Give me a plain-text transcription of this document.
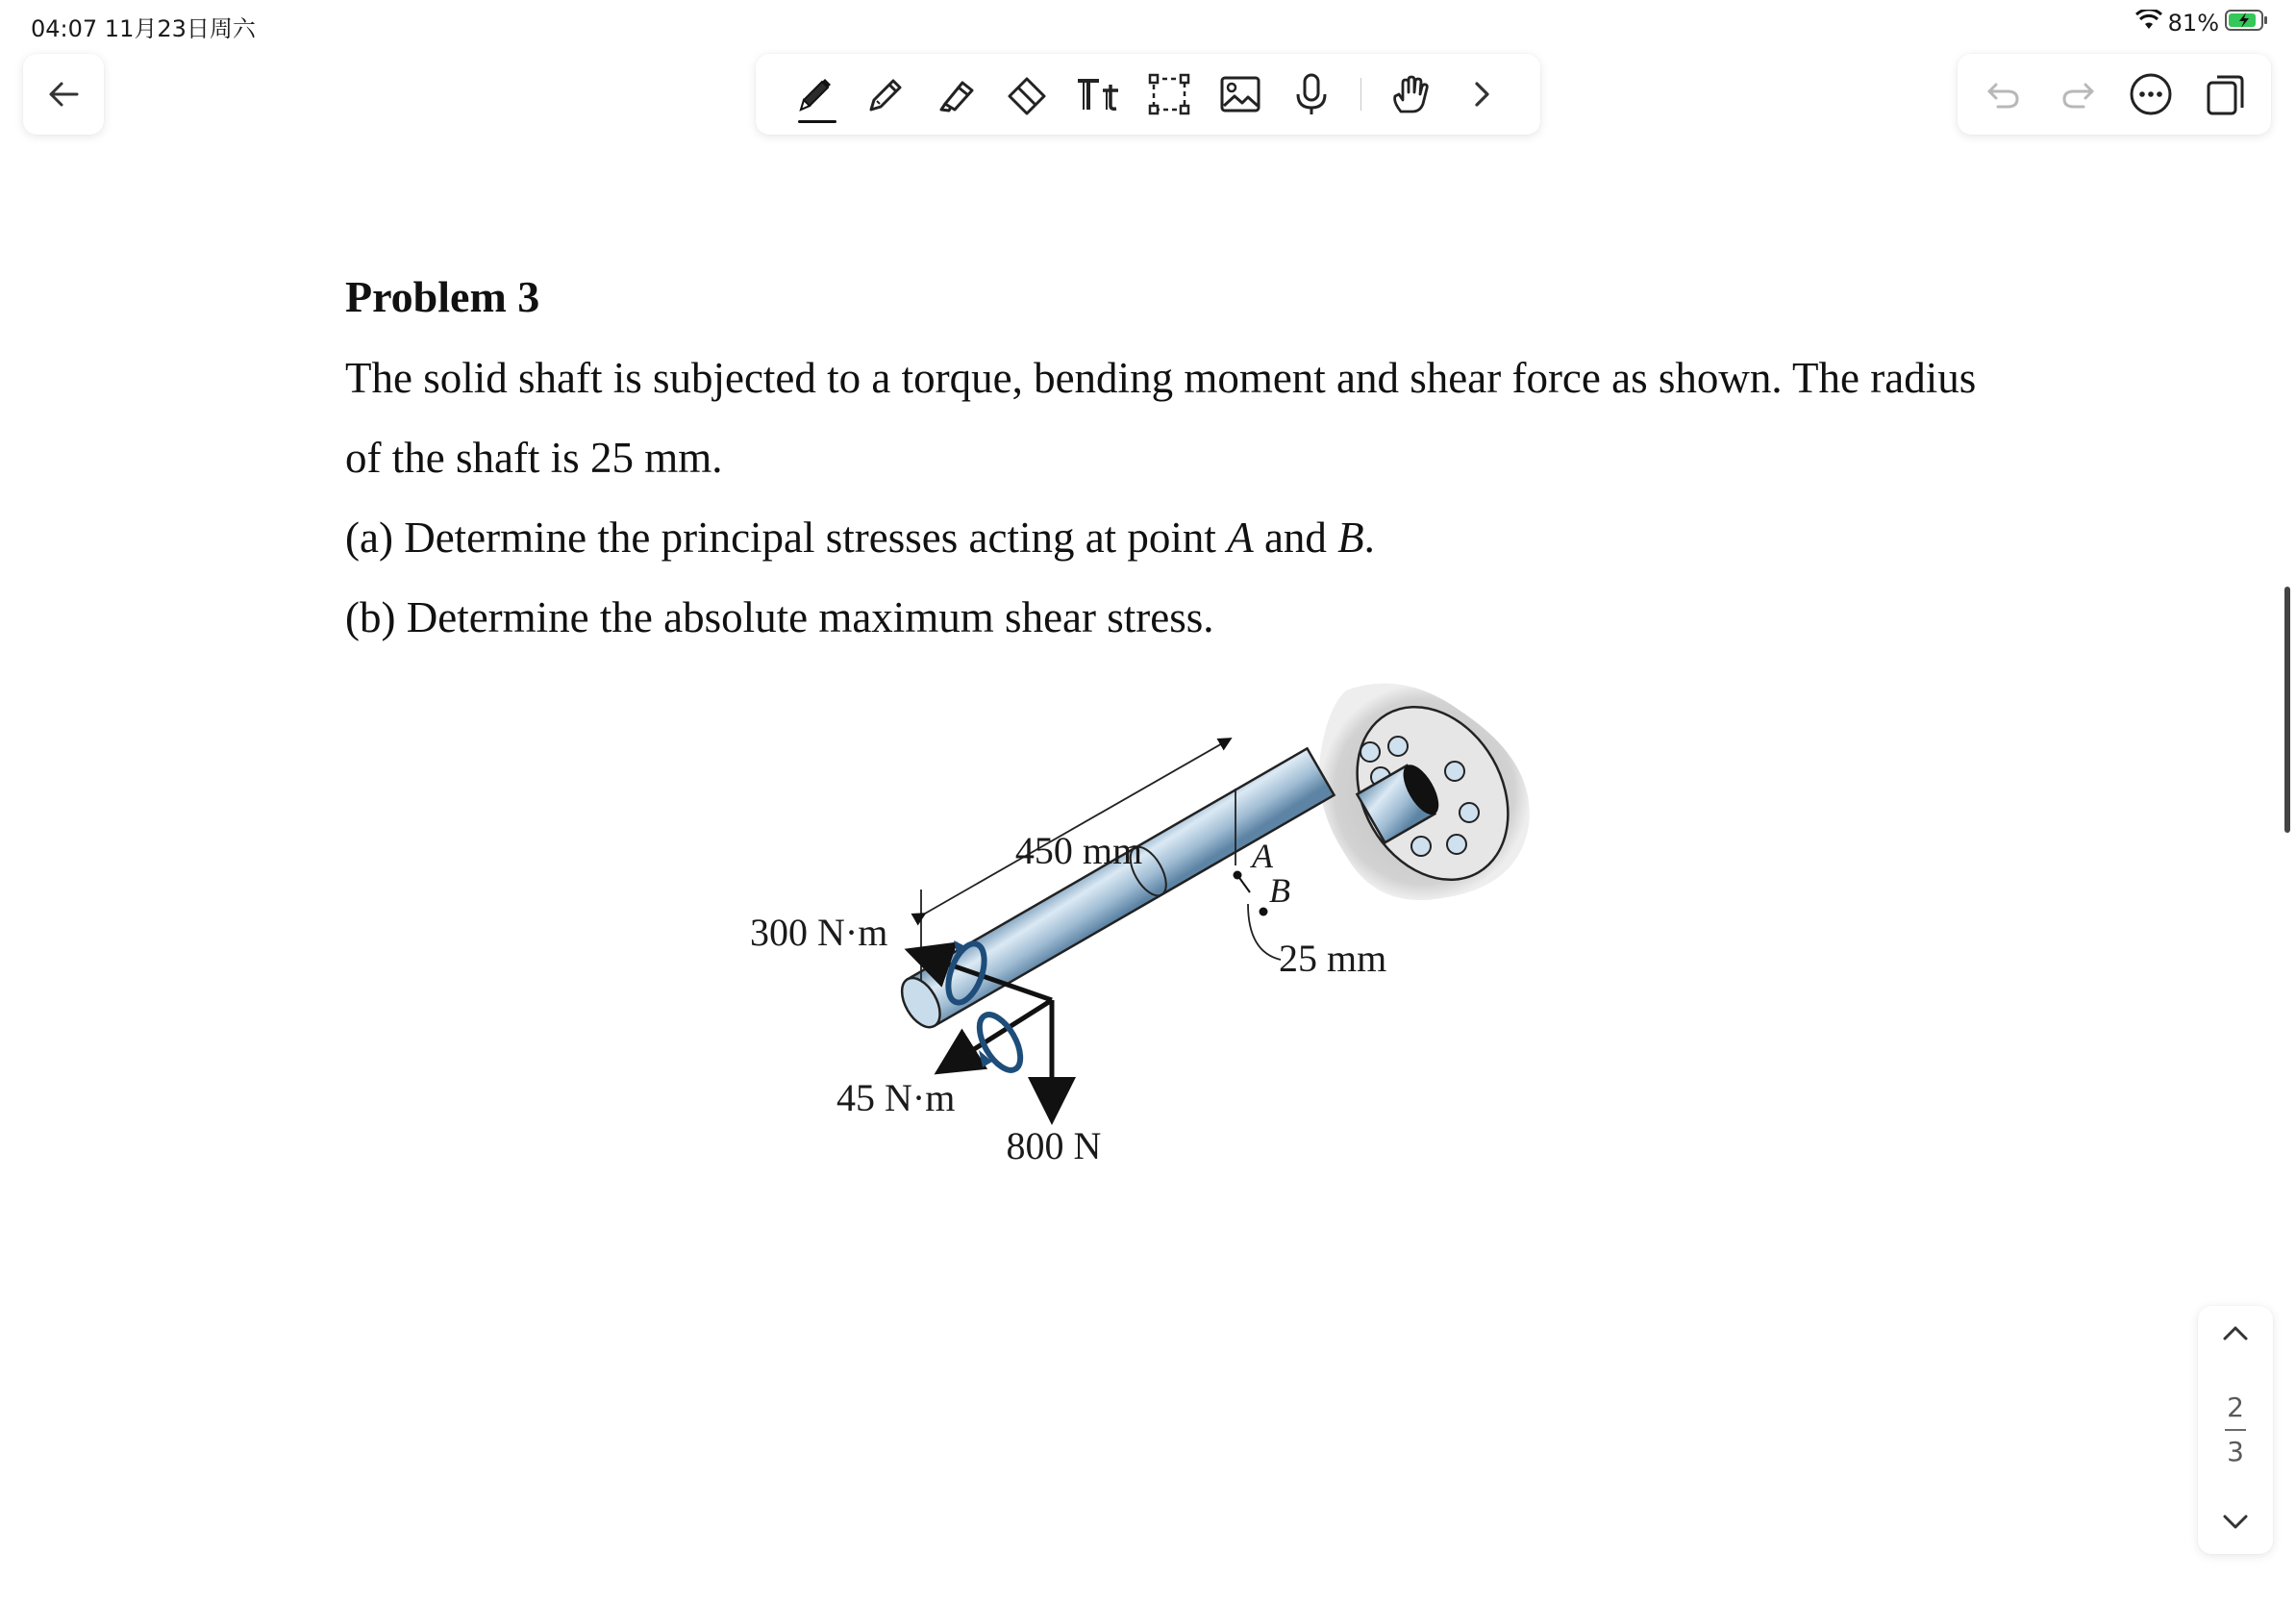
04:07 11月23日周六	81%
Problem 3

The solid shaft is subjected to a torque, bending moment and shear force as shown. The radius of the shaft is 25 mm.

(a) Determine the principal stresses acting at point A and B.

(b) Determine the absolute maximum shear stress.

450 mm	A
B
25 mm
800 N
300 N·m
45 N·m
2
3
